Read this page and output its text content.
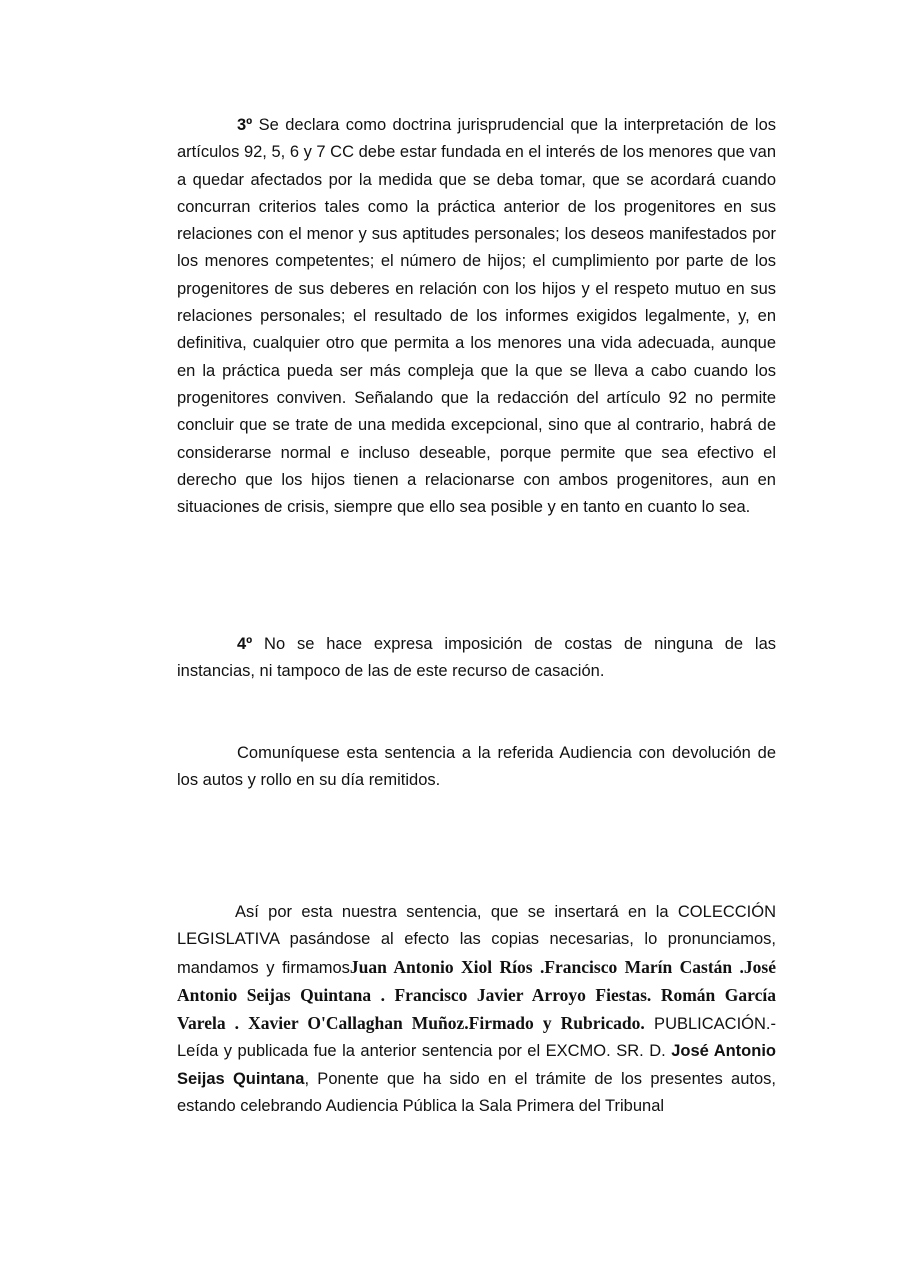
3º Se declara como doctrina jurisprudencial que la interpretación de los artículos 92, 5, 6 y 7 CC debe estar fundada en el interés de los menores que van a quedar afectados por la medida que se deba tomar, que se acordará cuando concurran criterios tales como la práctica anterior de los progenitores en sus relaciones con el menor y sus aptitudes personales; los deseos manifestados por los menores competentes; el número de hijos; el cumplimiento por parte de los progenitores de sus deberes en relación con los hijos y el respeto mutuo en sus relaciones personales; el resultado de los informes exigidos legalmente, y, en definitiva, cualquier otro que permita a los menores una vida adecuada, aunque en la práctica pueda ser más compleja que la que se lleva a cabo cuando los progenitores conviven. Señalando que la redacción del artículo 92 no permite concluir que se trate de una medida excepcional, sino que al contrario, habrá de considerarse normal e incluso deseable, porque permite que sea efectivo el derecho que los hijos tienen a relacionarse con ambos progenitores, aun en situaciones de crisis, siempre que ello sea posible y en tanto en cuanto lo sea.

4º No se hace expresa imposición de costas de ninguna de las instancias, ni tampoco de las de este recurso de casación.

Comuníquese esta sentencia a la referida Audiencia con devolución de los autos y rollo en su día remitidos.

Así por esta nuestra sentencia, que se insertará en la COLECCIÓN LEGISLATIVA pasándose al efecto las copias necesarias, lo pronunciamos, mandamos y firmamosJuan Antonio Xiol Ríos .Francisco Marín Castán .José Antonio Seijas Quintana . Francisco Javier Arroyo Fiestas. Román García Varela . Xavier O'Callaghan Muñoz.Firmado y Rubricado. PUBLICACIÓN.- Leída y publicada fue la anterior sentencia por el EXCMO. SR. D. José Antonio Seijas Quintana, Ponente que ha sido en el trámite de los presentes autos, estando celebrando Audiencia Pública la Sala Primera del Tribunal
